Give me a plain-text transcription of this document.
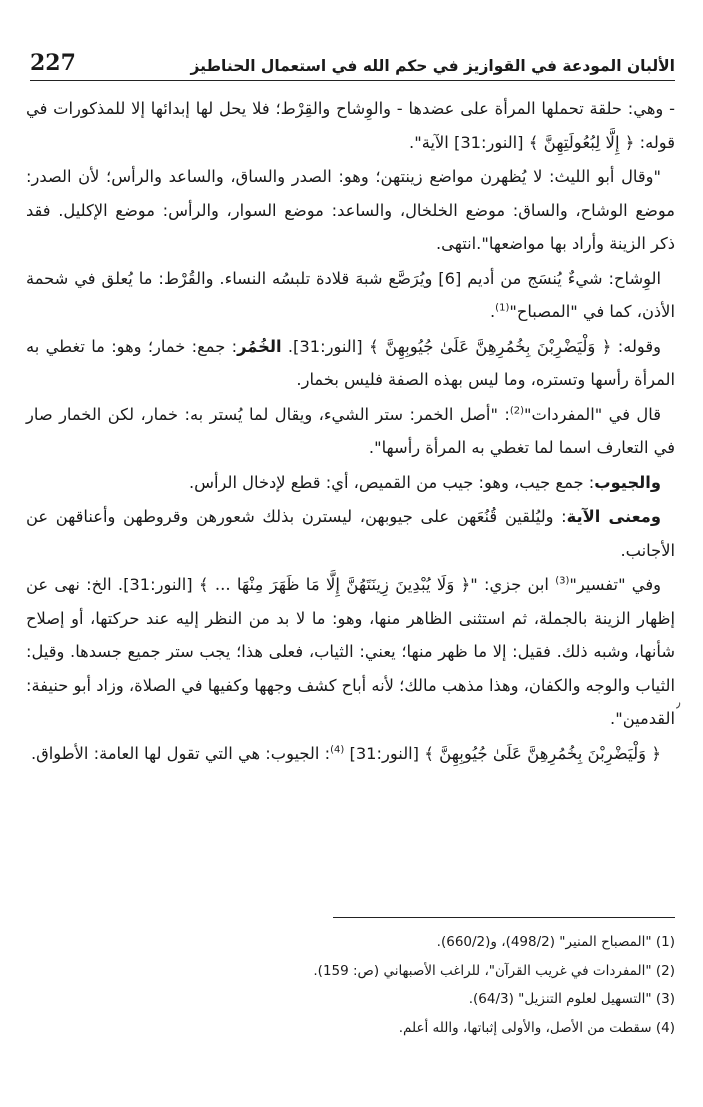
227	الألبان المودعة في القوازيز في حكم الله في استعمال الحناطيز

- وهي: حلقة تحملها المرأة على عضدها - والوِشاح والقِرْط؛ فلا يحل لها إبدائها إلا للمذكورات في قوله: ﴿ إِلَّا لِبُعُولَتِهِنَّ ﴾ [النور:31] الآية".

"وقال أبو الليث: لا يُظهرن مواضع زينتهن؛ وهو: الصدر والساق، والساعد والرأس؛ لأن الصدر: موضع الوشاح، والساق: موضع الخلخال، والساعد: موضع السوار، والرأس: موضع الإكليل. فقد ذكر الزينة وأراد بها مواضعها".انتهى.

الوِشاح: شيءٌ يُنسَج من أديم [6] ويُرَصَّع شبهَ قلادة تلبسُه النساء. والقُرْط: ما يُعلق في شحمة الأذن، كما في "المصباح"$^{(1)}$.

وقوله: ﴿ وَلْيَضْرِبْنَ بِخُمُرِهِنَّ عَلَىٰ جُيُوبِهِنَّ ﴾ [النور:31]. الخُمُر: جمع: خمار؛ وهو: ما تغطي به المرأة رأسها وتستره، وما ليس بهذه الصفة فليس بخمار.

قال في "المفردات"$^{(2)}$: "أصل الخمر: ستر الشيء، ويقال لما يُستر به: خمار، لكن الخمار صار في التعارف اسما لما تغطي به المرأة رأسها".

والجيوب: جمع جيب، وهو: جيب من القميص، أي: قطع لإدخال الرأس.

ومعنى الآية: وليُلقين قُنُعَهن على جيوبهن، ليسترن بذلك شعورهن وقروطهن وأعناقهن عن الأجانب.

وفي "تفسير"$^{(3)}$ ابن جزي: "﴿ وَلَا يُبْدِينَ زِينَتَهُنَّ إِلَّا مَا ظَهَرَ مِنْهَا ... ﴾ [النور:31]. الخ: نهى عن إظهار الزينة بالجملة، ثم استثنى الظاهر منها، وهو: ما لا بد من النظر إليه عند حركتها، أو إصلاح شأنها، وشبه ذلك. فقيل: إلا ما ظهر منها؛ يعني: الثياب، فعلى هذا؛ يجب ستر جميع جسدها. وقيل: الثياب والوجه والكفان، وهذا مذهب مالك؛ لأنه أباح كشف وجهها وكفيها في الصلاة، وزاد أبو حنيفة: القدمين".

﴿ وَلْيَضْرِبْنَ بِخُمُرِهِنَّ عَلَىٰ جُيُوبِهِنَّ ﴾ [النور:31] $^{(4)}$: الجيوب: هي التي تقول لها العامة: الأطواق.

(1) "المصباح المنير" (498/2)، و(660/2).
(2) "المفردات في غريب القرآن"، للراغب الأصبهاني (ص: 159).
(3) "التسهيل لعلوم التنزيل" (64/3).
(4) سقطت من الأصل، والأولى إثباتها، والله أعلم.
٫
